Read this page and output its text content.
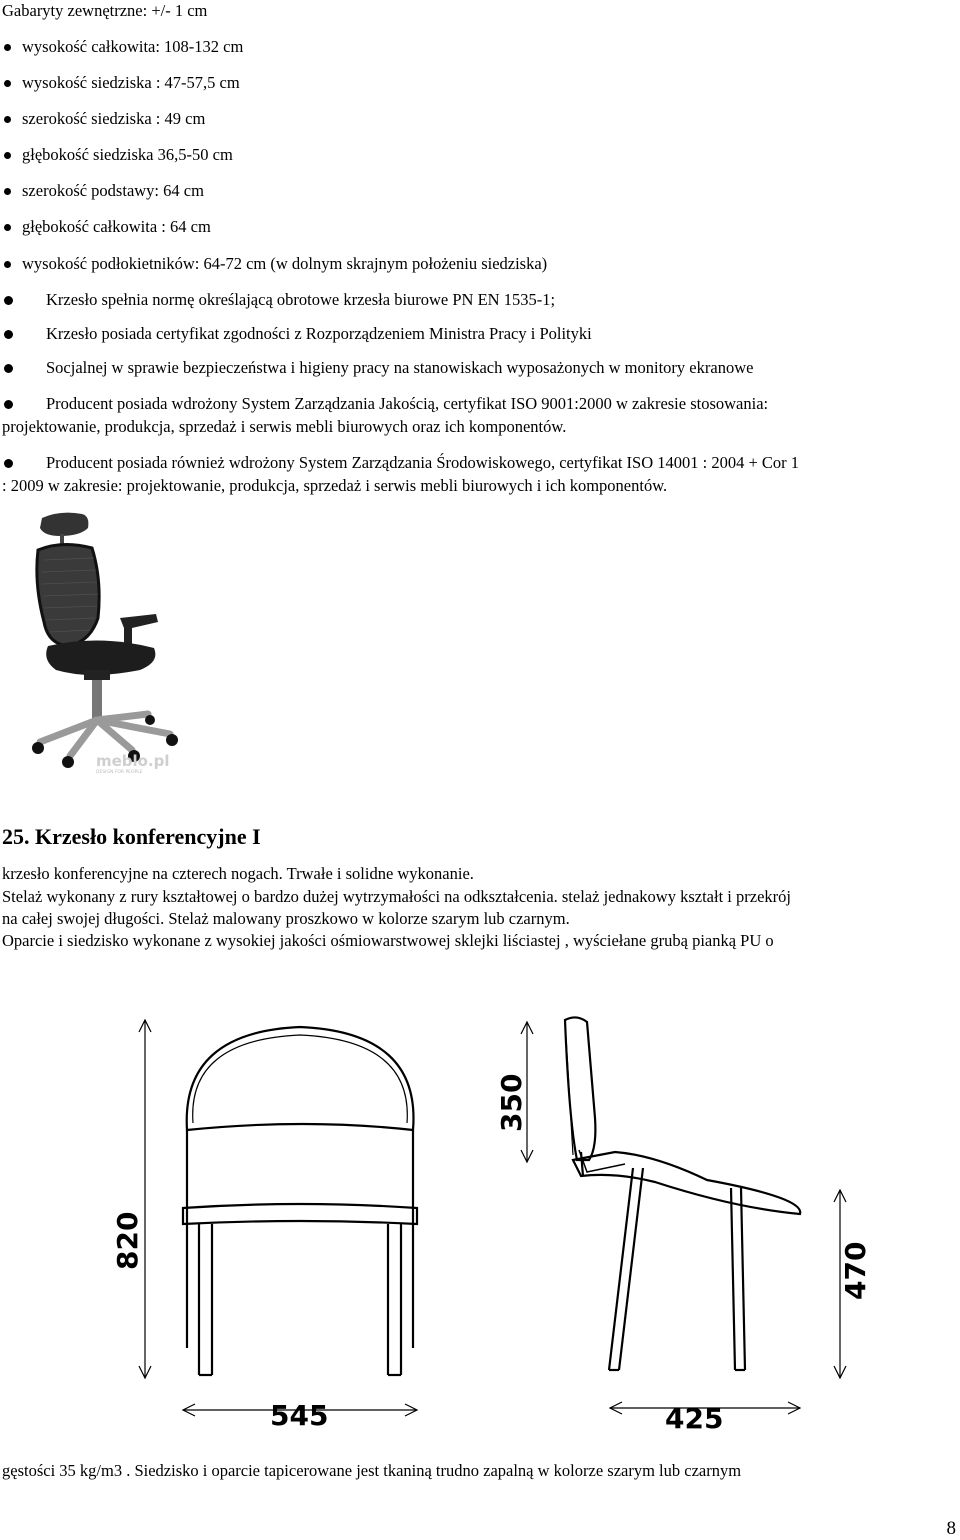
Gabaryty zewnętrzne: +/- 1 cm
wysokość całkowita: 108-132 cm
wysokość siedziska : 47-57,5 cm
szerokość siedziska : 49 cm
głębokość siedziska 36,5-50 cm
szerokość podstawy: 64 cm
głębokość całkowita : 64 cm
wysokość podłokietników: 64-72 cm (w dolnym skrajnym położeniu siedziska)
Krzesło spełnia normę określającą obrotowe krzesła biurowe PN EN 1535-1;
Krzesło posiada certyfikat zgodności z Rozporządzeniem Ministra Pracy i Polityki
Socjalnej w sprawie bezpieczeństwa i higieny pracy na stanowiskach wyposażonych w monitory ekranowe
Producent posiada wdrożony System Zarządzania Jakością, certyfikat ISO 9001:2000 w zakresie stosowania:
projektowanie, produkcja, sprzedaż i serwis mebli biurowych oraz ich komponentów.
Producent posiada również wdrożony System Zarządzania Środowiskowego, certyfikat ISO 14001 : 2004 + Cor 1
: 2009 w zakresie: projektowanie, produkcja, sprzedaż i serwis mebli biurowych i ich komponentów.
meblo.pl
DESIGN FOR PEOPLE
25. Krzesło konferencyjne I
krzesło konferencyjne na czterech nogach. Trwałe i solidne wykonanie.
Stelaż wykonany z rury kształtowej o bardzo dużej wytrzymałości na odkształcenia. stelaż jednakowy kształt i przekrój
na całej swojej długości. Stelaż malowany proszkowo w kolorze szarym lub czarnym.
Oparcie i siedzisko wykonane z wysokiej jakości ośmiowarstwowej sklejki liściastej , wyściełane grubą pianką PU o
820
545
350
470
425
gęstości 35 kg/m3 . Siedzisko i oparcie tapicerowane jest tkaniną trudno zapalną w kolorze szarym lub czarnym
8
